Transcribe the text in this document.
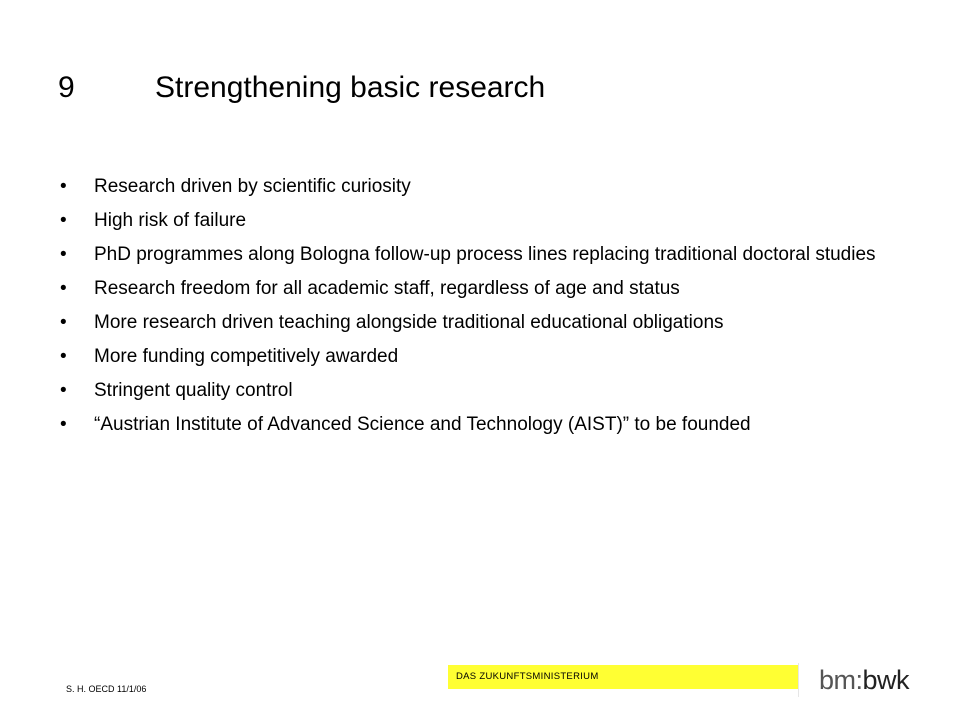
9	Strengthening basic research
• Research driven by scientific curiosity
• High risk of failure
• PhD programmes along Bologna follow-up process lines replacing traditional doctoral studies
• Research freedom for all academic staff, regardless of age and status
• More research driven teaching alongside traditional educational obligations
• More funding competitively awarded
• Stringent quality control
• “Austrian Institute of Advanced Science and Technology (AIST)” to be founded
S. H. OECD 11/1/06
DAS ZUKUNFTSMINISTERIUM	bm:bwk
